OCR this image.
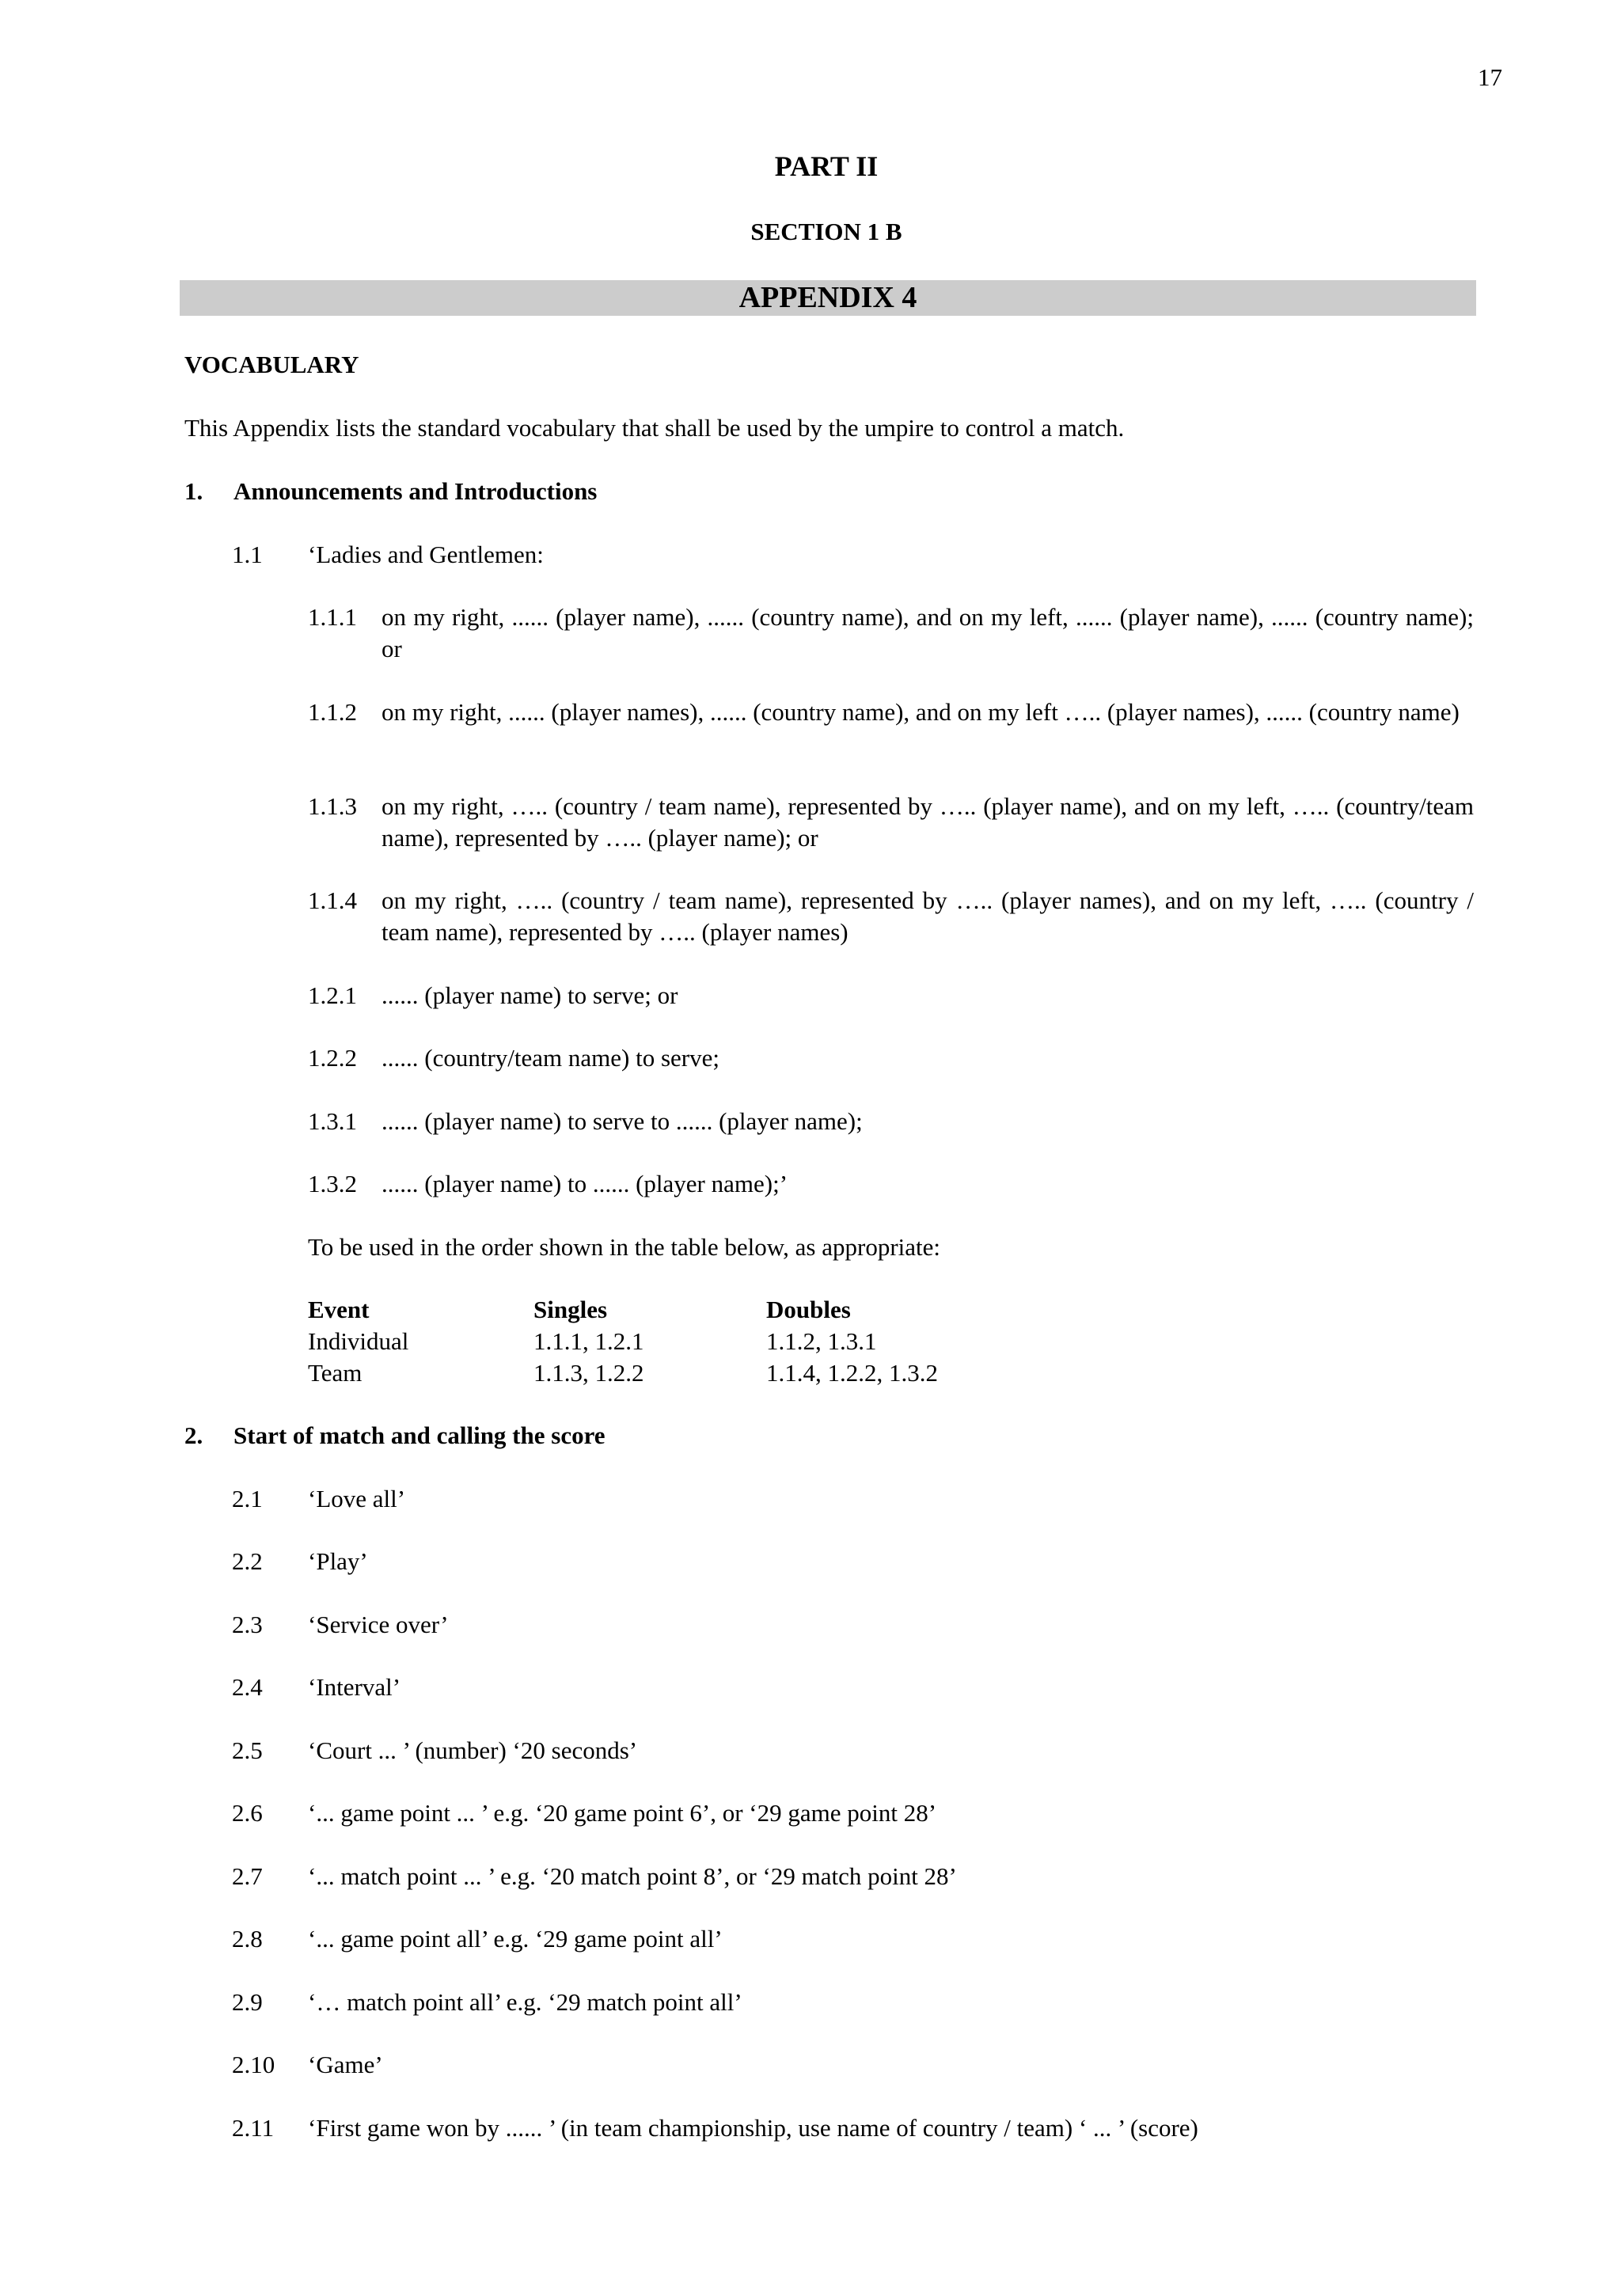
17
PART II
SECTION 1 B
APPENDIX 4
VOCABULARY
This Appendix lists the standard vocabulary that shall be used by the umpire to control a match.
1. Announcements and Introductions
1.1 ‘Ladies and Gentlemen:
1.1.1 on my right, ...... (player name), ...... (country name), and on my left, ...... (player name), ...... (country name); or
1.1.2 on my right, ...... (player names), ...... (country name), and on my left ….. (player names), ...... (country name)
1.1.3 on my right, ….. (country / team name), represented by ….. (player name), and on my left, ….. (country/team name), represented by ….. (player name); or
1.1.4 on my right, ….. (country / team name), represented by ….. (player names), and on my left, ….. (country / team name), represented by ….. (player names)
1.2.1 ...... (player name) to serve; or
1.2.2 ...... (country/team name) to serve;
1.3.1 ...... (player name) to serve to ...... (player name);
1.3.2 ...... (player name) to ...... (player name);’
To be used in the order shown in the table below, as appropriate:
Event	Singles	Doubles
Individual	1.1.1, 1.2.1	1.1.2, 1.3.1
Team	1.1.3, 1.2.2	1.1.4, 1.2.2, 1.3.2
2. Start of match and calling the score
2.1 ‘Love all’
2.2 ‘Play’
2.3 ‘Service over’
2.4 ‘Interval’
2.5 ‘Court ... ’ (number) ‘20 seconds’
2.6 ‘... game point ... ’ e.g. ‘20 game point 6’, or ‘29 game point 28’
2.7 ‘... match point ... ’ e.g. ‘20 match point 8’, or ‘29 match point 28’
2.8 ‘... game point all’ e.g. ‘29 game point all’
2.9 ‘… match point all’ e.g. ‘29 match point all’
2.10 ‘Game’
2.11 ‘First game won by ...... ’ (in team championship, use name of country / team) ‘ ... ’ (score)
